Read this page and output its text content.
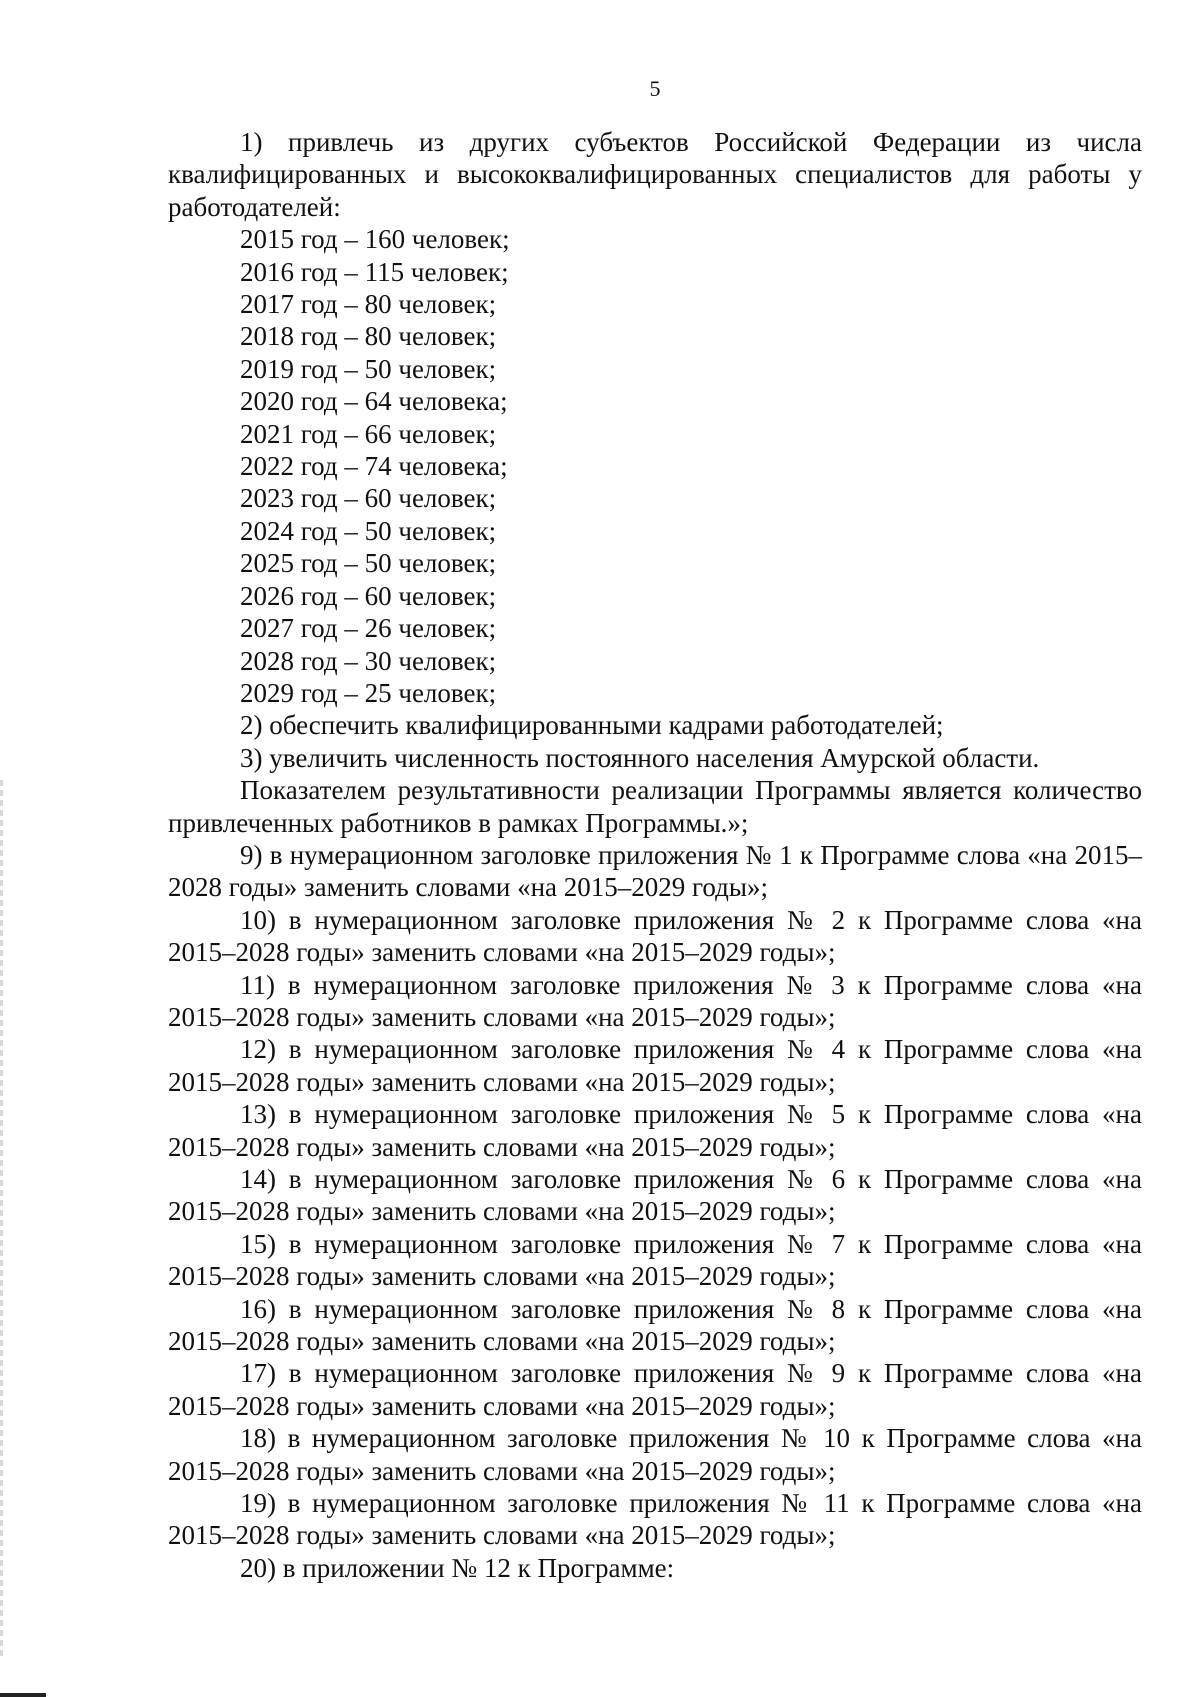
5

1) привлечь из других субъектов Российской Федерации из числа квалифицированных и высококвалифицированных специалистов для работы у работодателей:

2015 год – 160 человек;

2016 год – 115 человек;

2017 год – 80 человек;

2018 год – 80 человек;

2019 год – 50 человек;

2020 год – 64 человека;

2021 год – 66 человек;

2022 год – 74 человека;

2023 год – 60 человек;

2024 год – 50 человек;

2025 год – 50 человек;

2026 год – 60 человек;

2027 год – 26 человек;

2028 год – 30 человек;

2029 год – 25 человек;

2) обеспечить квалифицированными кадрами работодателей;

3) увеличить численность постоянного населения Амурской области.

Показателем результативности реализации Программы является количество привлеченных работников в рамках Программы.»;

9) в нумерационном заголовке приложения № 1 к Программе слова «на 2015–2028 годы» заменить словами «на 2015–2029 годы»;

10) в нумерационном заголовке приложения № 2 к Программе слова «на 2015–2028 годы» заменить словами «на 2015–2029 годы»;

11) в нумерационном заголовке приложения № 3 к Программе слова «на 2015–2028 годы» заменить словами «на 2015–2029 годы»;

12) в нумерационном заголовке приложения № 4 к Программе слова «на 2015–2028 годы» заменить словами «на 2015–2029 годы»;

13) в нумерационном заголовке приложения № 5 к Программе слова «на 2015–2028 годы» заменить словами «на 2015–2029 годы»;

14) в нумерационном заголовке приложения № 6 к Программе слова «на 2015–2028 годы» заменить словами «на 2015–2029 годы»;

15) в нумерационном заголовке приложения № 7 к Программе слова «на 2015–2028 годы» заменить словами «на 2015–2029 годы»;

16) в нумерационном заголовке приложения № 8 к Программе слова «на 2015–2028 годы» заменить словами «на 2015–2029 годы»;

17) в нумерационном заголовке приложения № 9 к Программе слова «на 2015–2028 годы» заменить словами «на 2015–2029 годы»;

18) в нумерационном заголовке приложения № 10 к Программе слова «на 2015–2028 годы» заменить словами «на 2015–2029 годы»;

19) в нумерационном заголовке приложения № 11 к Программе слова «на 2015–2028 годы» заменить словами «на 2015–2029 годы»;

20) в приложении № 12 к Программе:
